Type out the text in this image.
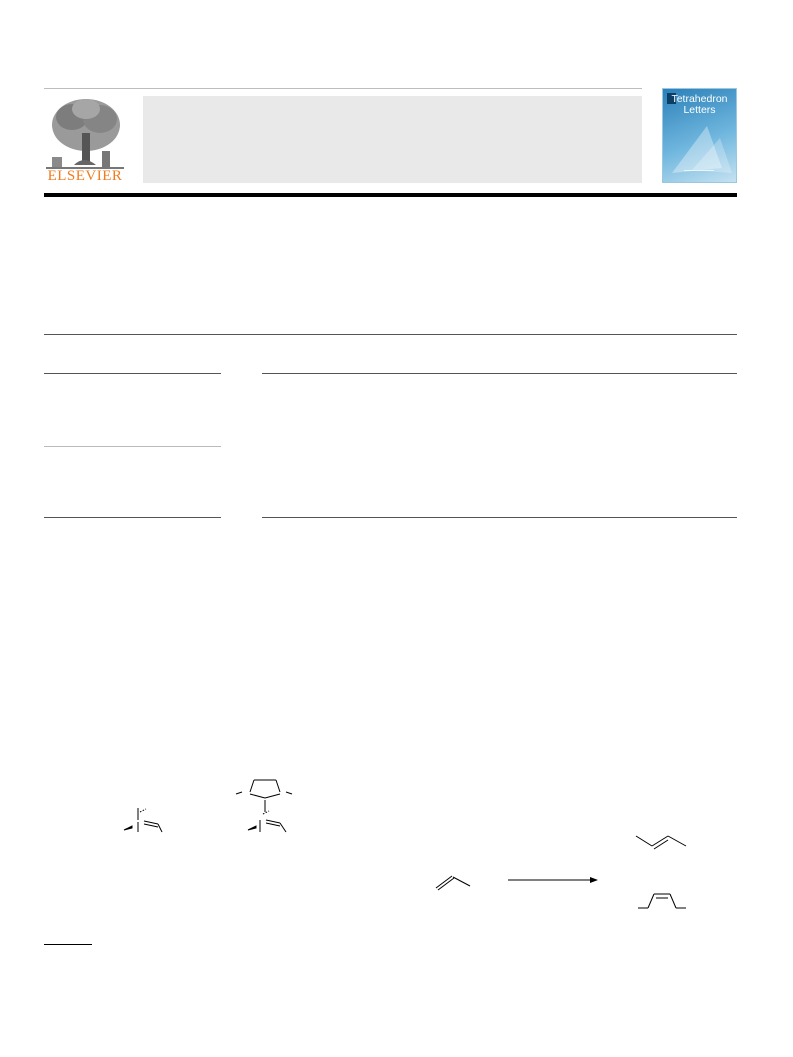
ELSEVIER
Tetrahedron Letters
